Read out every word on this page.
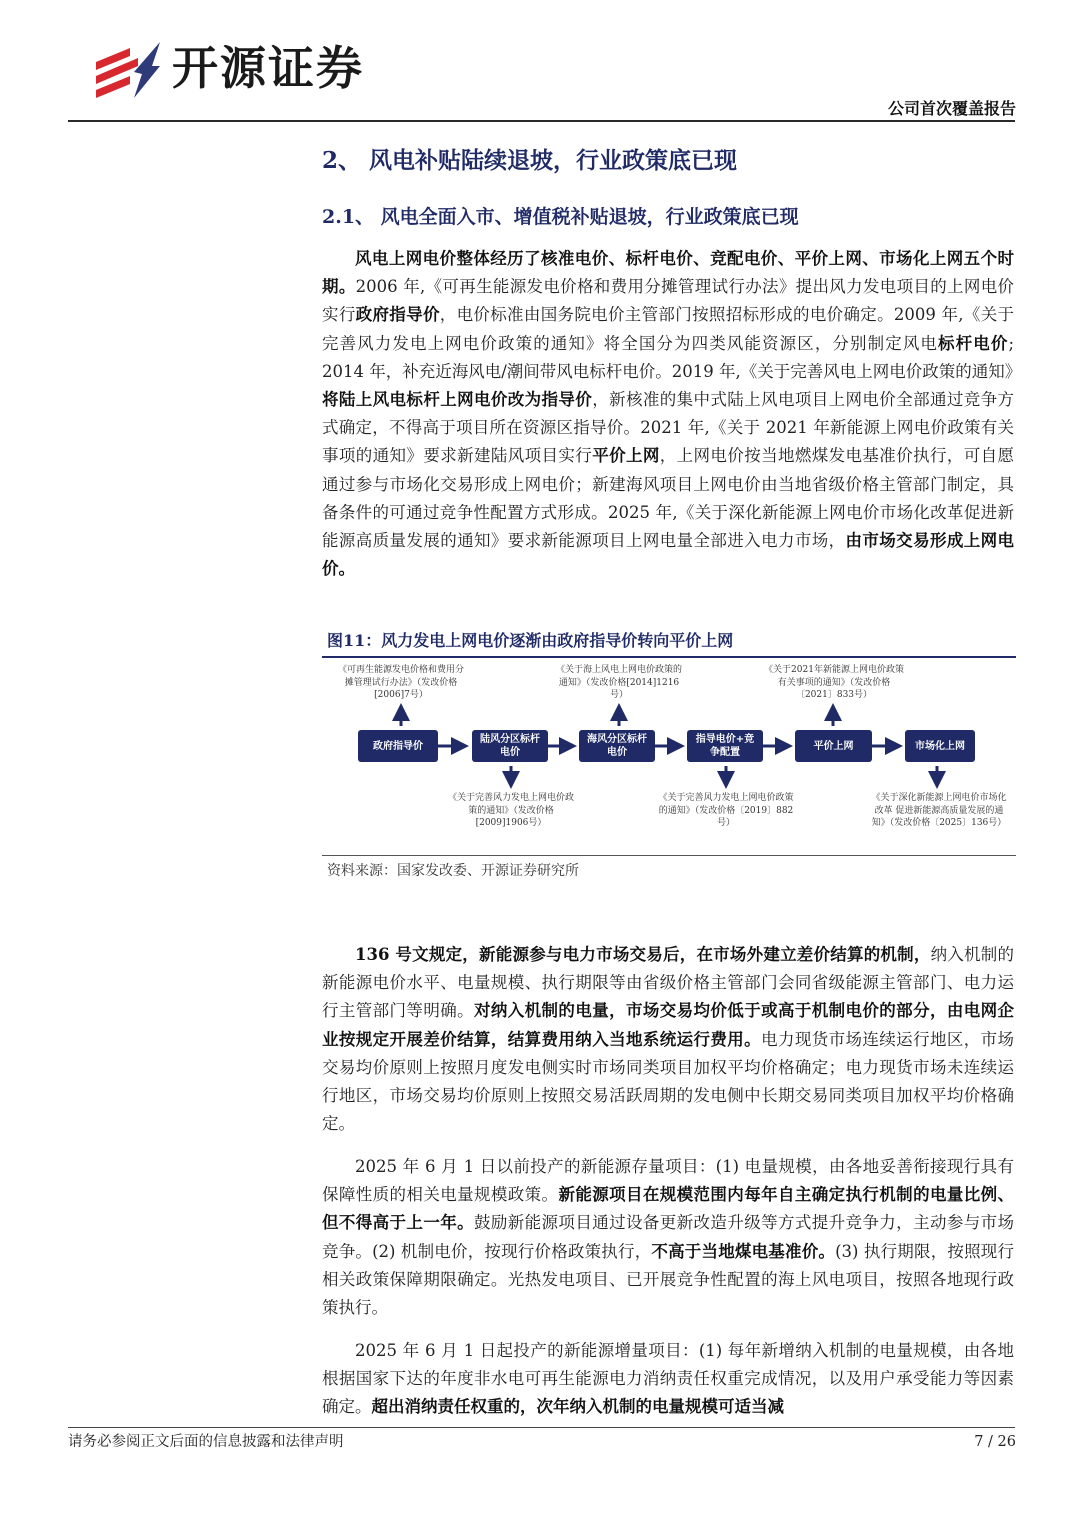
开源证券
公司首次覆盖报告
2、 风电补贴陆续退坡，行业政策底已现
2.1、 风电全面入市、增值税补贴退坡，行业政策底已现
风电上网电价整体经历了核准电价、标杆电价、竞配电价、平价上网、市场化上网五个时期。2006 年,《可再生能源发电价格和费用分摊管理试行办法》提出风力发电项目的上网电价实行政府指导价，电价标准由国务院电价主管部门按照招标形成的电价确定。2009 年,《关于完善风力发电上网电价政策的通知》将全国分为四类风能资源区，分别制定风电标杆电价; 2014 年，补充近海风电/潮间带风电标杆电价。2019 年,《关于完善风电上网电价政策的通知》将陆上风电标杆上网电价改为指导价，新核准的集中式陆上风电项目上网电价全部通过竞争方式确定，不得高于项目所在资源区指导价。2021 年,《关于 2021 年新能源上网电价政策有关事项的通知》要求新建陆风项目实行平价上网，上网电价按当地燃煤发电基准价执行，可自愿通过参与市场化交易形成上网电价；新建海风项目上网电价由当地省级价格主管部门制定，具备条件的可通过竞争性配置方式形成。2025 年,《关于深化新能源上网电价市场化改革促进新能源高质量发展的通知》要求新能源项目上网电量全部进入电力市场，由市场交易形成上网电价。
图11：风力发电上网电价逐渐由政府指导价转向平价上网
《可再生能源发电价格和费用分摊管理试行办法》（发改价格[2006]7号）
《关于海上风电上网电价政策的通知》（发改价格[2014]1216号）
《关于2021年新能源上网电价政策有关事项的通知》（发改价格〔2021〕833号）
政府指导价
陆风分区标杆电价
海风分区标杆电价
指导电价+竞争配置
平价上网	市场化上网
《关于完善风力发电上网电价政策的通知》（发改价格[2009]1906号）
《关于完善风力发电上网电价政策的通知》（发改价格〔2019〕882号）
《关于深化新能源上网电价市场化改革 促进新能源高质量发展的通知》（发改价格〔2025〕136号）
资料来源：国家发改委、开源证券研究所
136 号文规定，新能源参与电力市场交易后，在市场外建立差价结算的机制，纳入机制的新能源电价水平、电量规模、执行期限等由省级价格主管部门会同省级能源主管部门、电力运行主管部门等明确。对纳入机制的电量，市场交易均价低于或高于机制电价的部分，由电网企业按规定开展差价结算，结算费用纳入当地系统运行费用。电力现货市场连续运行地区，市场交易均价原则上按照月度发电侧实时市场同类项目加权平均价格确定；电力现货市场未连续运行地区，市场交易均价原则上按照交易活跃周期的发电侧中长期交易同类项目加权平均价格确定。
2025 年 6 月 1 日以前投产的新能源存量项目：(1) 电量规模，由各地妥善衔接现行具有保障性质的相关电量规模政策。新能源项目在规模范围内每年自主确定执行机制的电量比例、但不得高于上一年。鼓励新能源项目通过设备更新改造升级等方式提升竞争力，主动参与市场竞争。(2) 机制电价，按现行价格政策执行，不高于当地煤电基准价。(3) 执行期限，按照现行相关政策保障期限确定。光热发电项目、已开展竞争性配置的海上风电项目，按照各地现行政策执行。
2025 年 6 月 1 日起投产的新能源增量项目：(1) 每年新增纳入机制的电量规模，由各地根据国家下达的年度非水电可再生能源电力消纳责任权重完成情况，以及用户承受能力等因素确定。超出消纳责任权重的，次年纳入机制的电量规模可适当减
请务必参阅正文后面的信息披露和法律声明	7 / 26
